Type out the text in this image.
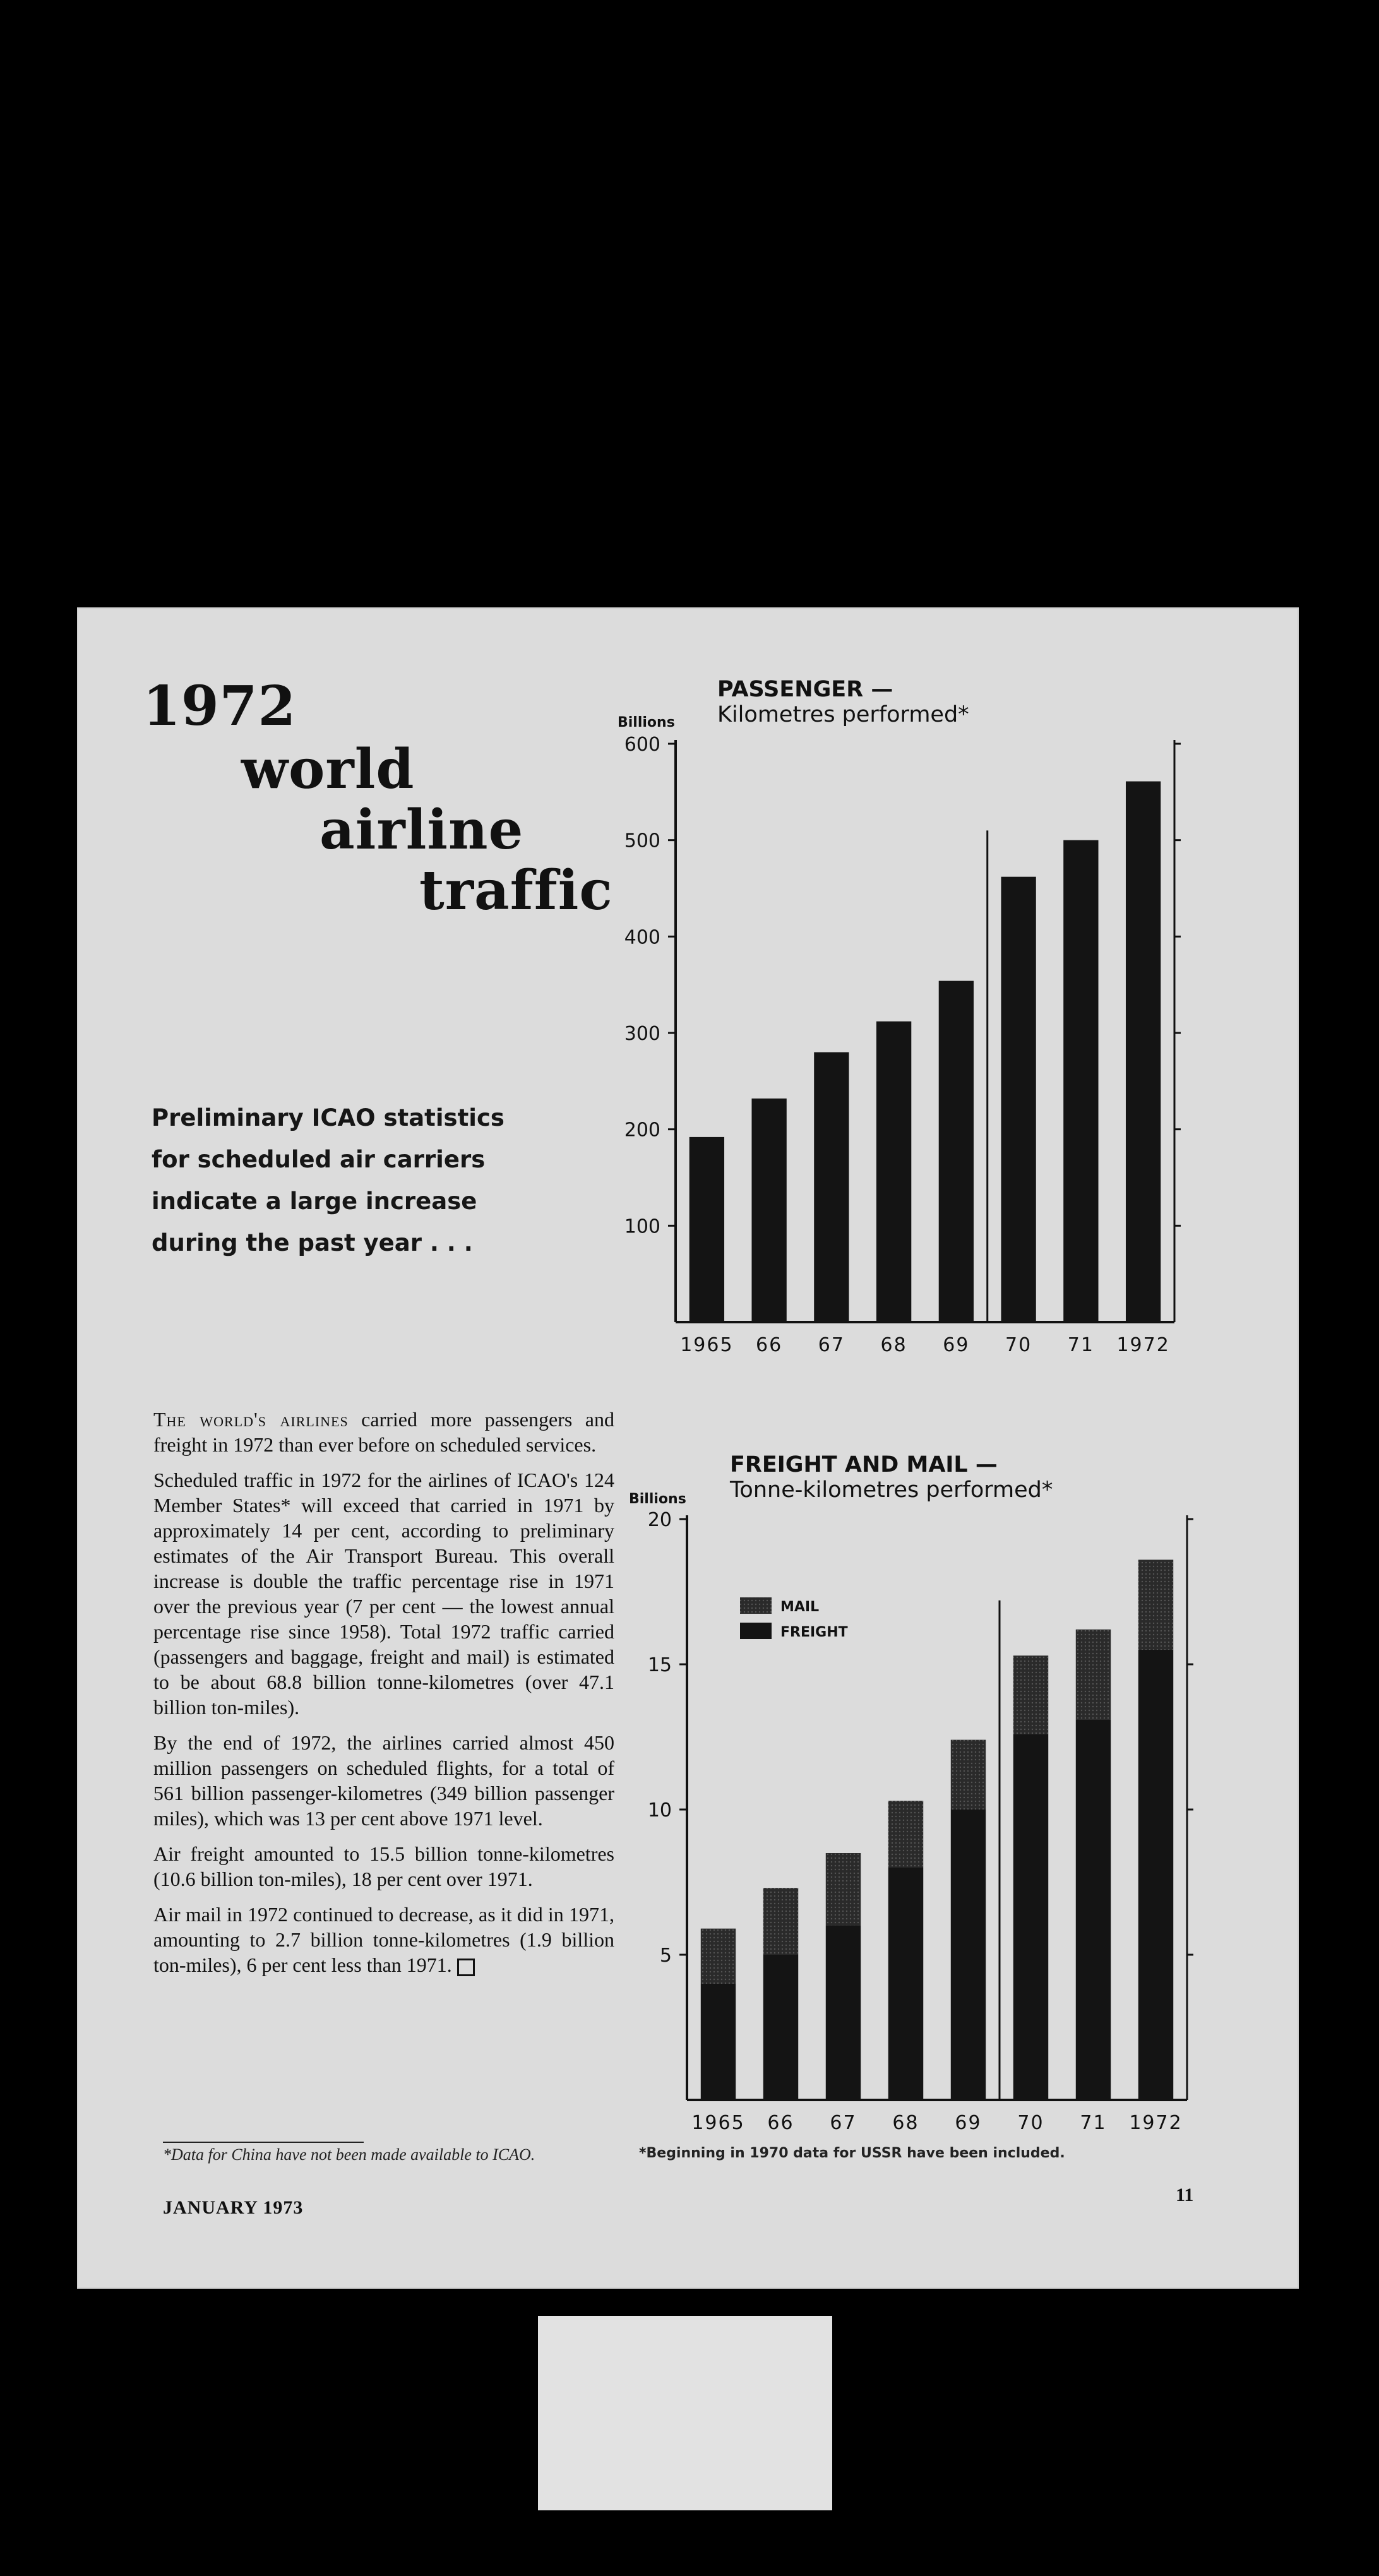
1972
world
airline
traffic
Preliminary ICAO statistics
for scheduled air carriers
indicate a large increase
during the past year . . .

The world's airlines carried more passengers and freight in 1972 than ever before on scheduled services.

Scheduled traffic in 1972 for the airlines of ICAO's 124 Member States* will exceed that carried in 1971 by approximately 14 per cent, according to preliminary estimates of the Air Transport Bureau. This overall increase is double the traffic percentage rise in 1971 over the previous year (7 per cent — the lowest annual percentage rise since 1958). Total 1972 traffic carried (passengers and baggage, freight and mail) is estimated to be about 68.8 billion tonne-kilometres (over 47.1 billion ton-miles).

By the end of 1972, the airlines carried almost 450 million passengers on scheduled flights, for a total of 561 billion passenger-kilometres (349 billion passenger miles), which was 13 per cent above 1971 level.

Air freight amounted to 15.5 billion tonne-kilometres (10.6 billion ton-miles), 18 per cent over 1971.

Air mail in 1972 continued to decrease, as it did in 1971, amounting to 2.7 billion tonne-kilometres (1.9 billion ton-miles), 6 per cent less than 1971.

*Data for China have not been made available to ICAO.	*Beginning in 1970 data for USSR have been included.
JANUARY 1973
11
PASSENGER —
Kilometres performed*
Billions
FREIGHT AND MAIL —
Tonne-kilometres performed*
Billions
100
200
300
400
500
600
1965 66 67 68 69 70 71 1972
5
10
15
20
1965 66 67 68 69 70 71 1972
MAIL
FREIGHT
